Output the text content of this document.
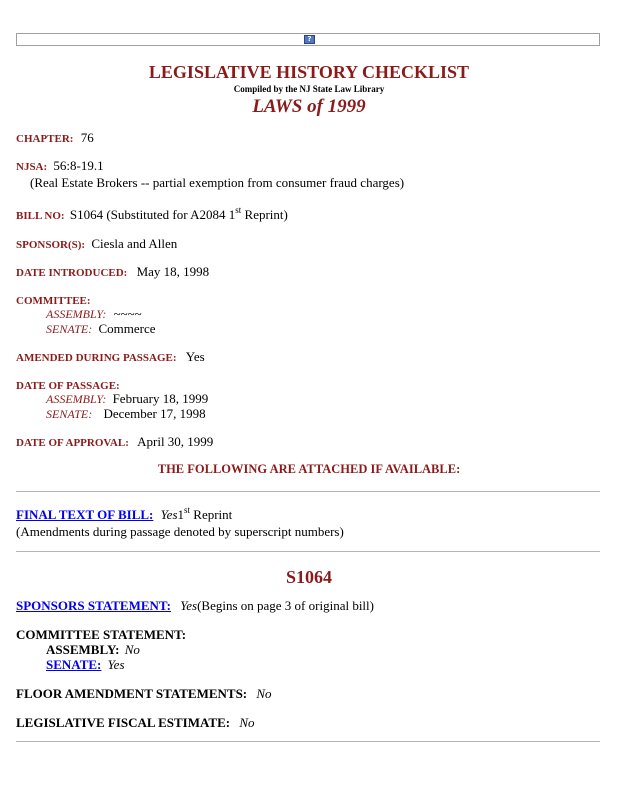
?
LEGISLATIVE HISTORY CHECKLIST
Compiled by the NJ State Law Library
LAWS of 1999
CHAPTER: 76
NJSA: 56:8-19.1
(Real Estate Brokers -- partial exemption from consumer fraud charges)
BILL NO: S1064 (Substituted for A2084 1st Reprint)
SPONSOR(S): Ciesla and Allen
DATE INTRODUCED: May 18, 1998
COMMITTEE:
ASSEMBLY: ~~~~
SENATE: Commerce
AMENDED DURING PASSAGE: Yes
DATE OF PASSAGE:
ASSEMBLY: February 18, 1999
SENATE: December 17, 1998
DATE OF APPROVAL: April 30, 1999
THE FOLLOWING ARE ATTACHED IF AVAILABLE:
FINAL TEXT OF BILL: Yes1st Reprint
(Amendments during passage denoted by superscript numbers)
S1064
SPONSORS STATEMENT: Yes(Begins on page 3 of original bill)
COMMITTEE STATEMENT:
ASSEMBLY: No
SENATE: Yes
FLOOR AMENDMENT STATEMENTS: No
LEGISLATIVE FISCAL ESTIMATE: No
